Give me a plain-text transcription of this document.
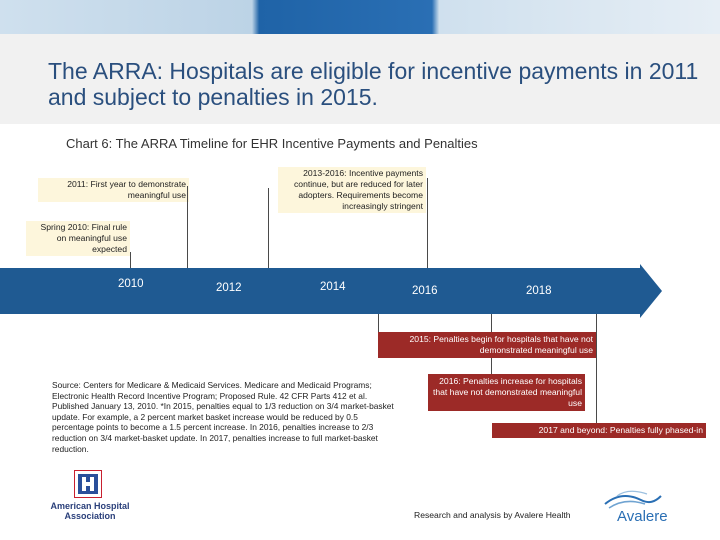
The ARRA: Hospitals are eligible for incentive payments in 2011 and subject to penalties in 2015.
Chart 6: The ARRA Timeline for EHR Incentive Payments and Penalties
2011: First year to demonstrate meaningful use
2013-2016: Incentive payments continue, but are reduced for later adopters. Requirements become increasingly stringent
Spring 2010: Final rule on meaningful use expected
2010	2012	2014	2016	2018
2015: Penalties begin for hospitals that have not demonstrated meaningful use
2016: Penalties increase for hospitals that have not demonstrated meaningful use
2017 and beyond: Penalties fully phased-in
Source: Centers for Medicare & Medicaid Services. Medicare and Medicaid Programs; Electronic Health Record Incentive Program; Proposed Rule. 42 CFR Parts 412 et al. Published January 13, 2010. *In 2015, penalties equal to 1/3 reduction on 3/4 market-basket update. For example, a 2 percent market basket increase would be reduced by 0.5 percentage points to become a 1.5 percent increase. In 2016, penalties increase to 2/3 reduction on 3/4 market-basket update. In 2017, penalties increase to full market-basket reduction.
American Hospital Association	Research and analysis by Avalere Health	Avalere
